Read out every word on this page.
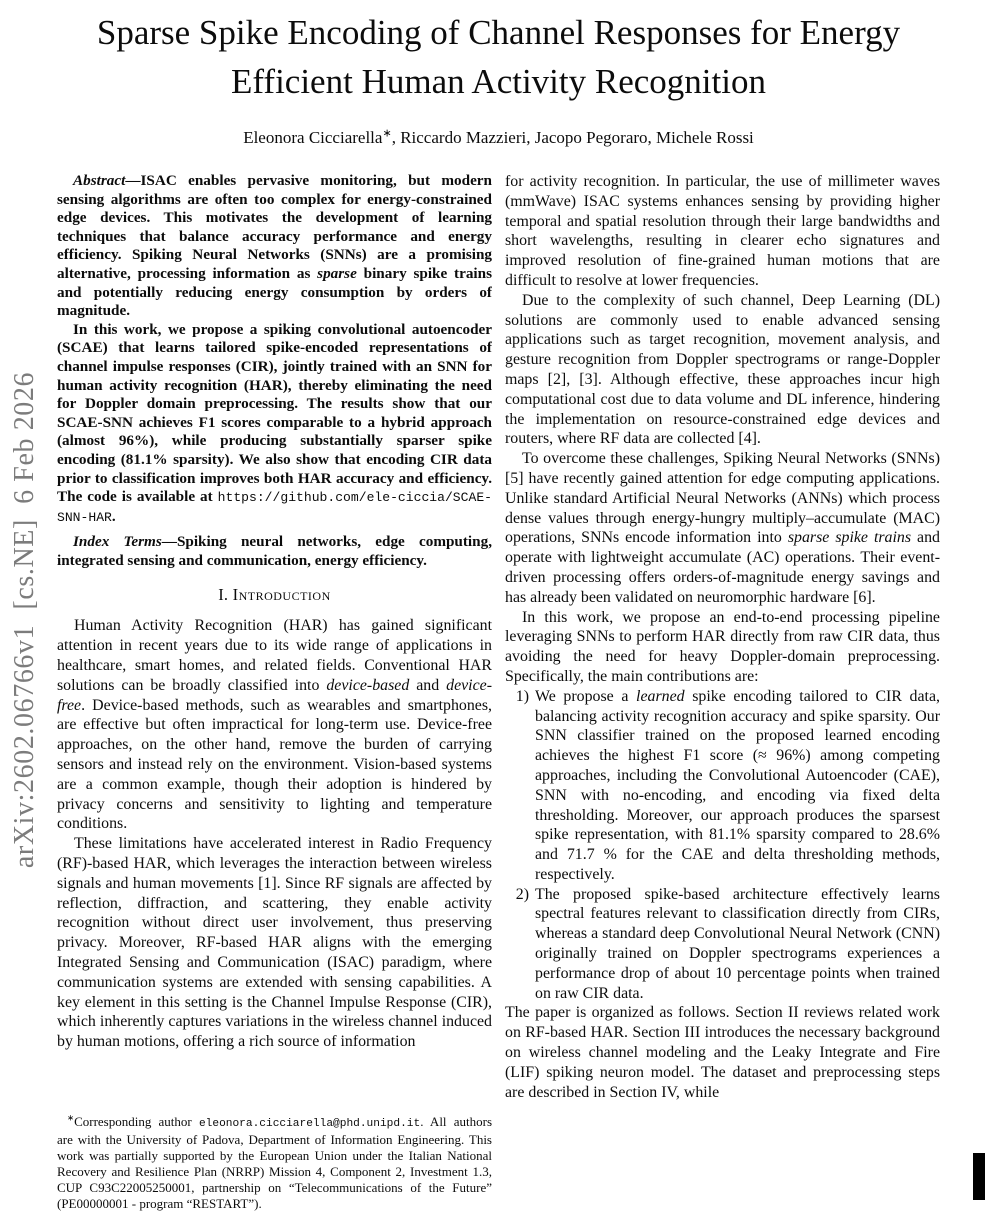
arXiv:2602.06766v1  [cs.NE]  6 Feb 2026
Sparse Spike Encoding of Channel Responses for Energy Efficient Human Activity Recognition
Eleonora Cicciarella∗, Riccardo Mazzieri, Jacopo Pegoraro, Michele Rossi

Abstract—ISAC enables pervasive monitoring, but modern sensing algorithms are often too complex for energy-constrained edge devices. This motivates the development of learning techniques that balance accuracy performance and energy efficiency. Spiking Neural Networks (SNNs) are a promising alternative, processing information as sparse binary spike trains and potentially reducing energy consumption by orders of magnitude.

In this work, we propose a spiking convolutional autoencoder (SCAE) that learns tailored spike-encoded representations of channel impulse responses (CIR), jointly trained with an SNN for human activity recognition (HAR), thereby eliminating the need for Doppler domain preprocessing. The results show that our SCAE-SNN achieves F1 scores comparable to a hybrid approach (almost 96%), while producing substantially sparser spike encoding (81.1% sparsity). We also show that encoding CIR data prior to classification improves both HAR accuracy and efficiency. The code is available at https://github.com/ele-ciccia/SCAE-SNN-HAR.

Index Terms—Spiking neural networks, edge computing, integrated sensing and communication, energy efficiency.

I. Introduction

Human Activity Recognition (HAR) has gained significant attention in recent years due to its wide range of applications in healthcare, smart homes, and related fields. Conventional HAR solutions can be broadly classified into device-based and device-free. Device-based methods, such as wearables and smartphones, are effective but often impractical for long-term use. Device-free approaches, on the other hand, remove the burden of carrying sensors and instead rely on the environment. Vision-based systems are a common example, though their adoption is hindered by privacy concerns and sensitivity to lighting and temperature conditions.

These limitations have accelerated interest in Radio Frequency (RF)-based HAR, which leverages the interaction between wireless signals and human movements [1]. Since RF signals are affected by reflection, diffraction, and scattering, they enable activity recognition without direct user involvement, thus preserving privacy. Moreover, RF-based HAR aligns with the emerging Integrated Sensing and Communication (ISAC) paradigm, where communication systems are extended with sensing capabilities. A key element in this setting is the Channel Impulse Response (CIR), which inherently captures variations in the wireless channel induced by human motions, offering a rich source of information

∗Corresponding author eleonora.cicciarella@phd.unipd.it. All authors are with the University of Padova, Department of Information Engineering. This work was partially supported by the European Union under the Italian National Recovery and Resilience Plan (NRRP) Mission 4, Component 2, Investment 1.3, CUP C93C22005250001, partnership on “Telecommunications of the Future” (PE00000001 - program “RESTART”).

for activity recognition. In particular, the use of millimeter waves (mmWave) ISAC systems enhances sensing by providing higher temporal and spatial resolution through their large bandwidths and short wavelengths, resulting in clearer echo signatures and improved resolution of fine-grained human motions that are difficult to resolve at lower frequencies.

Due to the complexity of such channel, Deep Learning (DL) solutions are commonly used to enable advanced sensing applications such as target recognition, movement analysis, and gesture recognition from Doppler spectrograms or range-Doppler maps [2], [3]. Although effective, these approaches incur high computational cost due to data volume and DL inference, hindering the implementation on resource-constrained edge devices and routers, where RF data are collected [4].

To overcome these challenges, Spiking Neural Networks (SNNs) [5] have recently gained attention for edge computing applications. Unlike standard Artificial Neural Networks (ANNs) which process dense values through energy-hungry multiply–accumulate (MAC) operations, SNNs encode information into sparse spike trains and operate with lightweight accumulate (AC) operations. Their event-driven processing offers orders-of-magnitude energy savings and has already been validated on neuromorphic hardware [6].

In this work, we propose an end-to-end processing pipeline leveraging SNNs to perform HAR directly from raw CIR data, thus avoiding the need for heavy Doppler-domain preprocessing. Specifically, the main contributions are:

1) We propose a learned spike encoding tailored to CIR data, balancing activity recognition accuracy and spike sparsity. Our SNN classifier trained on the proposed learned encoding achieves the highest F1 score (≈ 96%) among competing approaches, including the Convolutional Autoencoder (CAE), SNN with no-encoding, and encoding via fixed delta thresholding. Moreover, our approach produces the sparsest spike representation, with 81.1% sparsity compared to 28.6% and 71.7 % for the CAE and delta thresholding methods, respectively.
2) The proposed spike-based architecture effectively learns spectral features relevant to classification directly from CIRs, whereas a standard deep Convolutional Neural Network (CNN) originally trained on Doppler spectrograms experiences a performance drop of about 10 percentage points when trained on raw CIR data.

The paper is organized as follows. Section II reviews related work on RF-based HAR. Section III introduces the necessary background on wireless channel modeling and the Leaky Integrate and Fire (LIF) spiking neuron model. The dataset and preprocessing steps are described in Section IV, while
